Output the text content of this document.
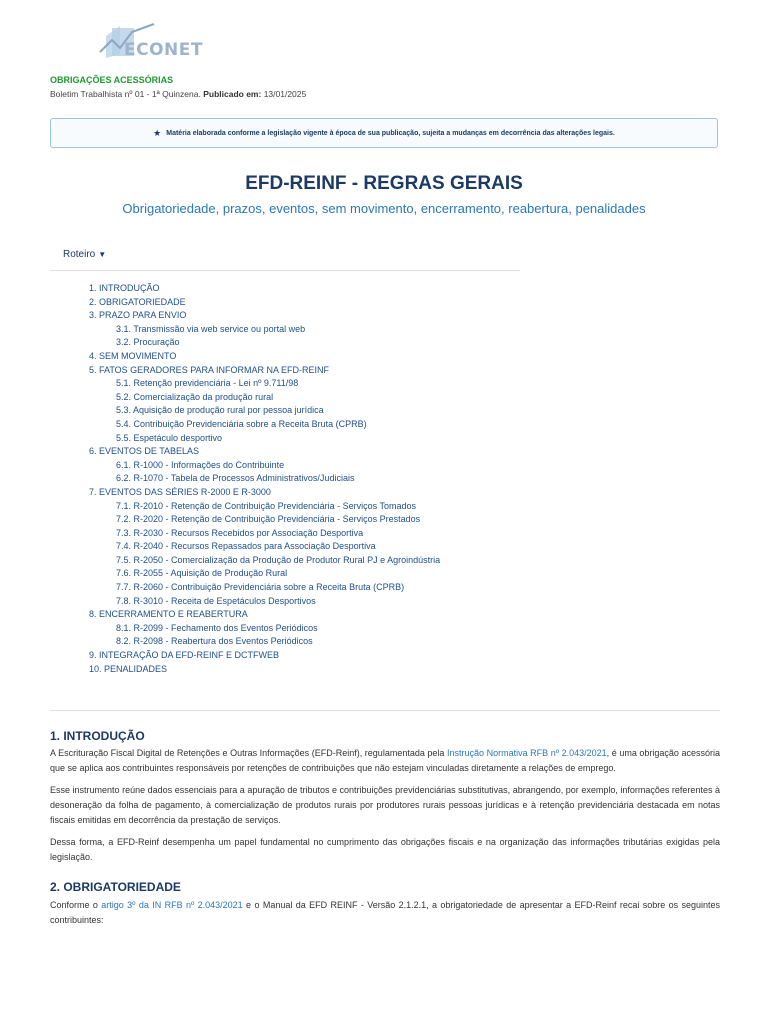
ECONET
OBRIGAÇÕES ACESSÓRIAS
Boletim Trabalhista nº 01 - 1ª Quinzena. Publicado em: 13/01/2025
★ Matéria elaborada conforme a legislação vigente à época de sua publicação, sujeita a mudanças em decorrência das alterações legais.
EFD-REINF - REGRAS GERAIS
Obrigatoriedade, prazos, eventos, sem movimento, encerramento, reabertura, penalidades
Roteiro ▼
1. INTRODUÇÃO
2. OBRIGATORIEDADE
3. PRAZO PARA ENVIO
3.1. Transmissão via web service ou portal web
3.2. Procuração
4. SEM MOVIMENTO
5. FATOS GERADORES PARA INFORMAR NA EFD-REINF
5.1. Retenção previdenciária - Lei nº 9.711/98
5.2. Comercialização da produção rural
5.3. Aquisição de produção rural por pessoa jurídica
5.4. Contribuição Previdenciária sobre a Receita Bruta (CPRB)
5.5. Espetáculo desportivo
6. EVENTOS DE TABELAS
6.1. R-1000 - Informações do Contribuinte
6.2. R-1070 - Tabela de Processos Administrativos/Judiciais
7. EVENTOS DAS SÉRIES R-2000 E R-3000
7.1. R-2010 - Retenção de Contribuição Previdenciária - Serviços Tomados
7.2. R-2020 - Retenção de Contribuição Previdenciária - Serviços Prestados
7.3. R-2030 - Recursos Recebidos por Associação Desportiva
7.4. R-2040 - Recursos Repassados para Associação Desportiva
7.5. R-2050 - Comercialização da Produção de Produtor Rural PJ e Agroindústria
7.6. R-2055 - Aquisição de Produção Rural
7.7. R-2060 - Contribuição Previdenciária sobre a Receita Bruta (CPRB)
7.8. R-3010 - Receita de Espetáculos Desportivos
8. ENCERRAMENTO E REABERTURA
8.1. R-2099 - Fechamento dos Eventos Periódicos
8.2. R-2098 - Reabertura dos Eventos Periódicos
9. INTEGRAÇÃO DA EFD-REINF E DCTFWEB
10. PENALIDADES
1. INTRODUÇÃO

A Escrituração Fiscal Digital de Retenções e Outras Informações (EFD-Reinf), regulamentada pela Instrução Normativa RFB nº 2.043/2021, é uma obrigação acessória que se aplica aos contribuintes responsáveis por retenções de contribuições que não estejam vinculadas diretamente a relações de emprego.

Esse instrumento reúne dados essenciais para a apuração de tributos e contribuições previdenciárias substitutivas, abrangendo, por exemplo, informações referentes à desoneração da folha de pagamento, à comercialização de produtos rurais por produtores rurais pessoas jurídicas e à retenção previdenciária destacada em notas fiscais emitidas em decorrência da prestação de serviços.

Dessa forma, a EFD-Reinf desempenha um papel fundamental no cumprimento das obrigações fiscais e na organização das informações tributárias exigidas pela legislação.

2. OBRIGATORIEDADE

Conforme o artigo 3º da IN RFB nº 2.043/2021 e o Manual da EFD REINF - Versão 2.1.2.1, a obrigatoriedade de apresentar a EFD-Reinf recai sobre os seguintes contribuintes:
